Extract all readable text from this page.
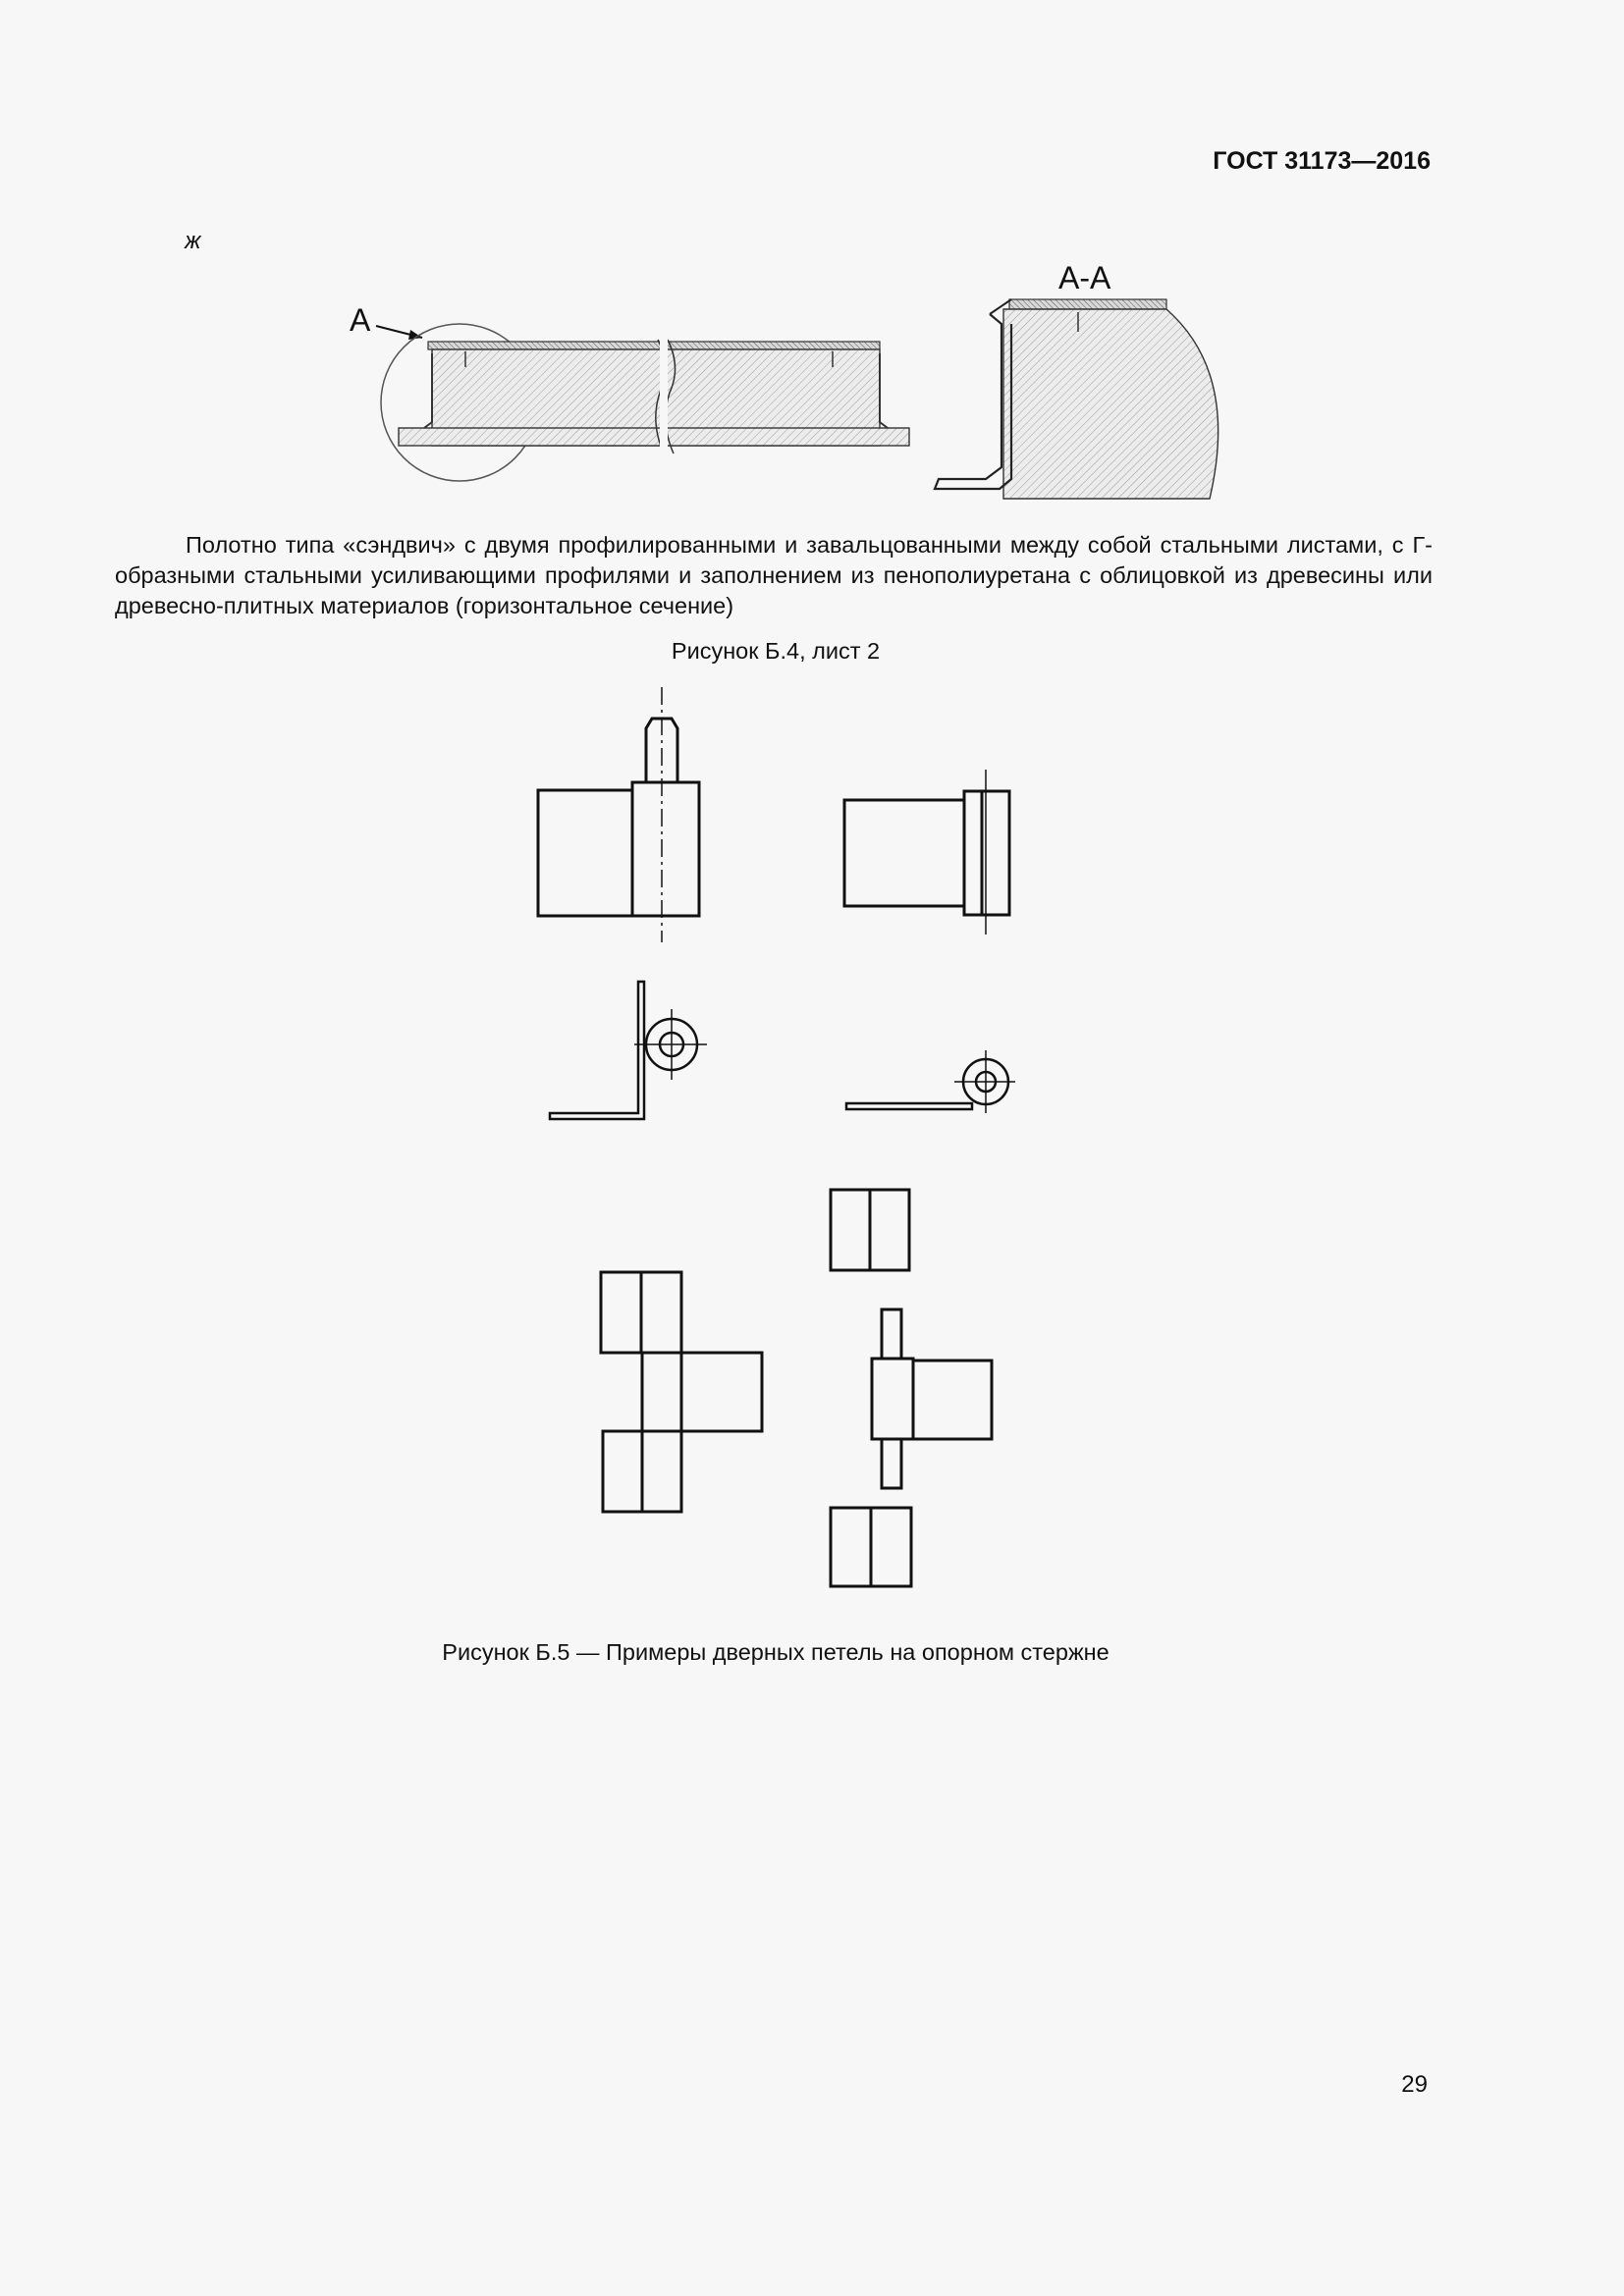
ГОСТ 31173—2016
ж
А
А-А
Полотно типа «сэндвич» с двумя профилированными и завальцованными между собой стальными листами, с Г-образными стальными усиливающими профилями и заполнением из пенополиуретана с облицовкой из древесины или древесно-плитных материалов (горизонтальное сечение)
Рисунок Б.4, лист 2
Рисунок Б.5 — Примеры дверных петель на опорном стержне
29
